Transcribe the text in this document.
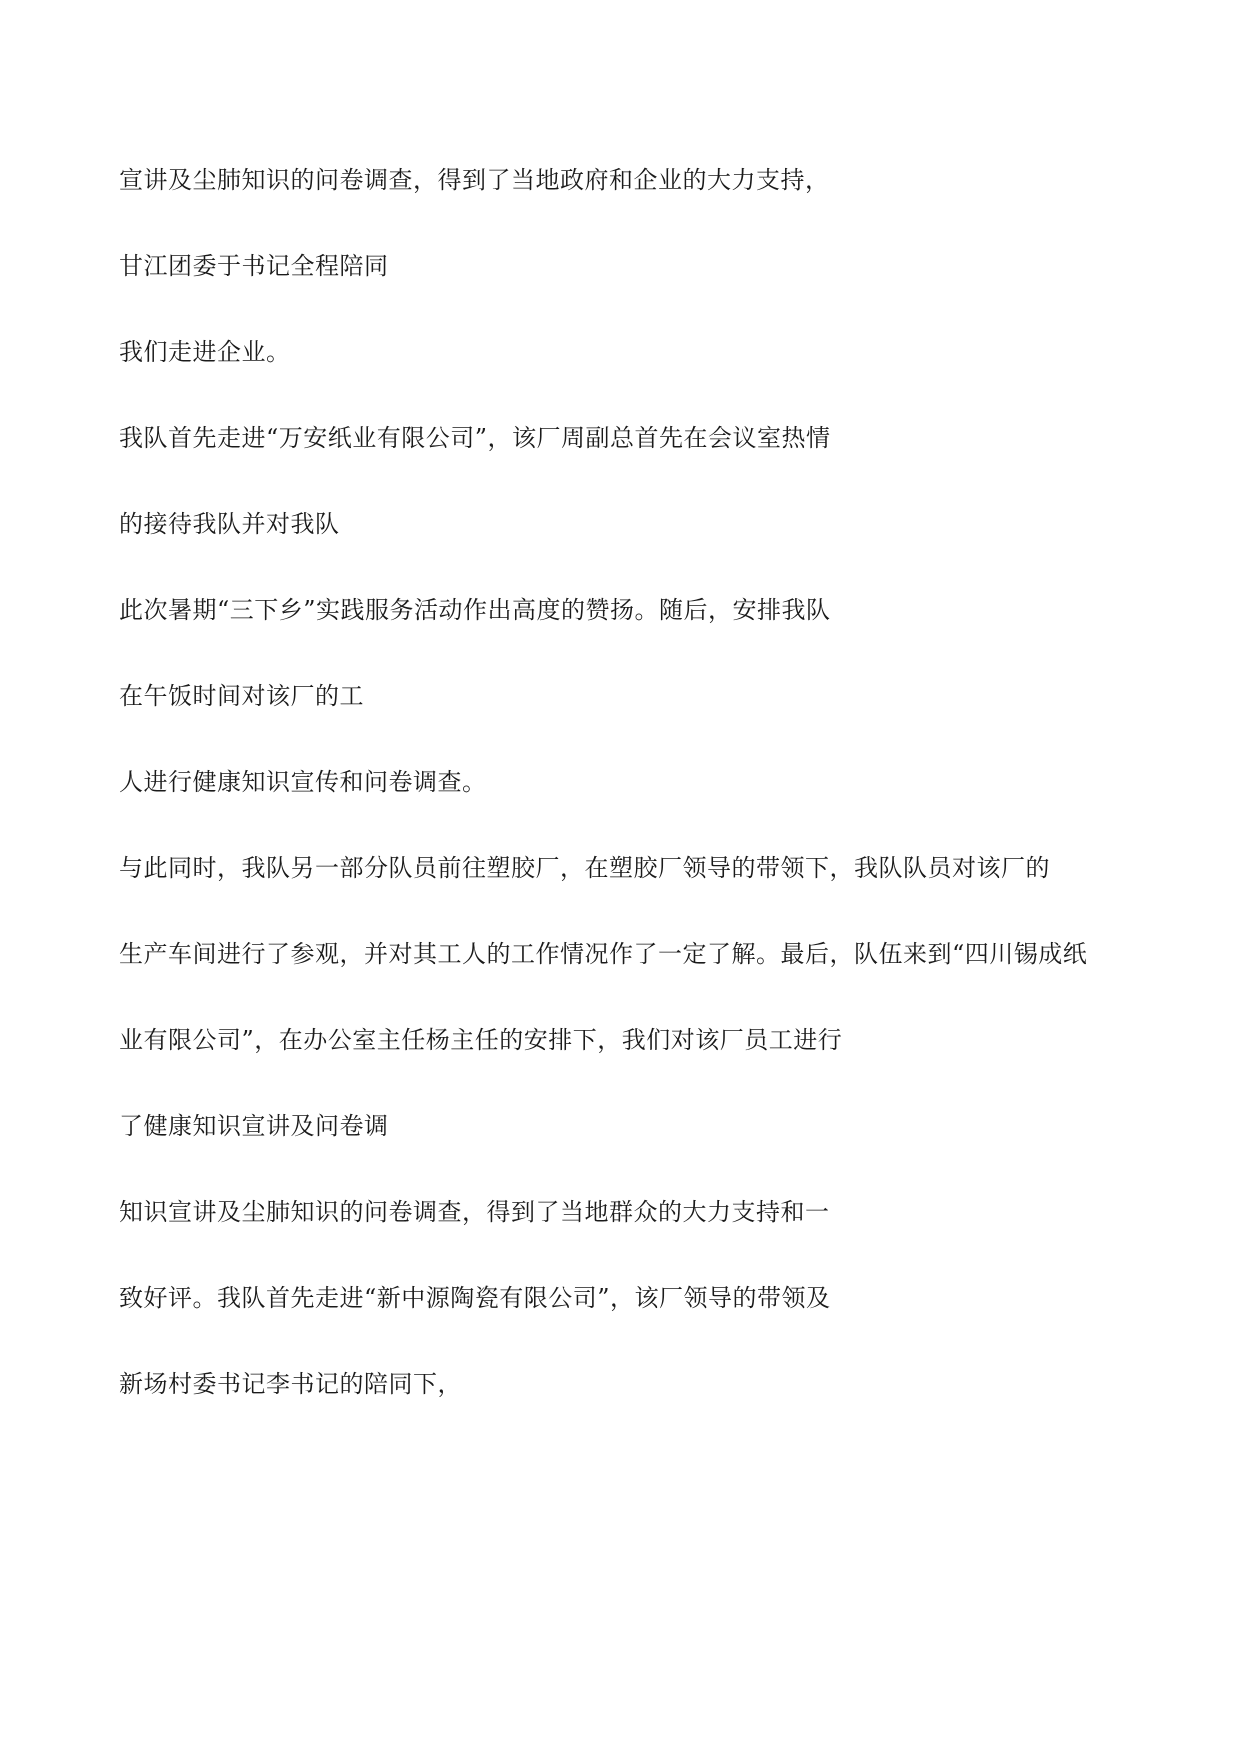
宣讲及尘肺知识的问卷调查，得到了当地政府和企业的大力支持，
甘江团委于书记全程陪同
我们走进企业。
我队首先走进“万安纸业有限公司”，该厂周副总首先在会议室热情
的接待我队并对我队
此次暑期“三下乡”实践服务活动作出高度的赞扬。随后，安排我队
在午饭时间对该厂的工
人进行健康知识宣传和问卷调查。
与此同时，我队另一部分队员前往塑胶厂，在塑胶厂领导的带领下，我队队员对该厂的
生产车间进行了参观，并对其工人的工作情况作了一定了解。最后，队伍来到“四川锡成纸
业有限公司”，在办公室主任杨主任的安排下，我们对该厂员工进行
了健康知识宣讲及问卷调
知识宣讲及尘肺知识的问卷调查，得到了当地群众的大力支持和一
致好评。我队首先走进“新中源陶瓷有限公司”，该厂领导的带领及
新场村委书记李书记的陪同下，
